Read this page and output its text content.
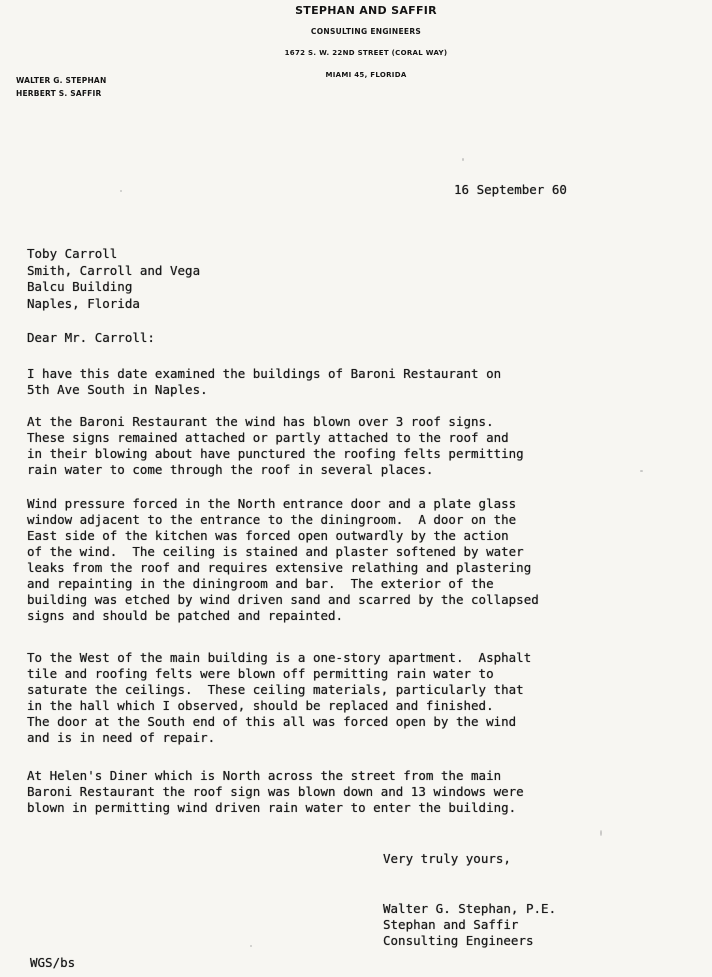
STEPHAN AND SAFFIR
CONSULTING ENGINEERS
1672 S. W. 22ND STREET (CORAL WAY)
MIAMI 45, FLORIDA
WALTER G. STEPHAN
HERBERT S. SAFFIR
16 September 60
Toby Carroll
Smith, Carroll and Vega
Balcu Building
Naples, Florida
Dear Mr. Carroll:
I have this date examined the buildings of Baroni Restaurant on
5th Ave South in Naples.
At the Baroni Restaurant the wind has blown over 3 roof signs.
These signs remained attached or partly attached to the roof and
in their blowing about have punctured the roofing felts permitting
rain water to come through the roof in several places.
Wind pressure forced in the North entrance door and a plate glass
window adjacent to the entrance to the diningroom.  A door on the
East side of the kitchen was forced open outwardly by the action
of the wind.  The ceiling is stained and plaster softened by water
leaks from the roof and requires extensive relathing and plastering
and repainting in the diningroom and bar.  The exterior of the
building was etched by wind driven sand and scarred by the collapsed
signs and should be patched and repainted.
To the West of the main building is a one-story apartment.  Asphalt
tile and roofing felts were blown off permitting rain water to
saturate the ceilings.  These ceiling materials, particularly that
in the hall which I observed, should be replaced and finished.
The door at the South end of this all was forced open by the wind
and is in need of repair.
At Helen's Diner which is North across the street from the main
Baroni Restaurant the roof sign was blown down and 13 windows were
blown in permitting wind driven rain water to enter the building.
Very truly yours,
Walter G. Stephan, P.E.
Stephan and Saffir
Consulting Engineers
WGS/bs
